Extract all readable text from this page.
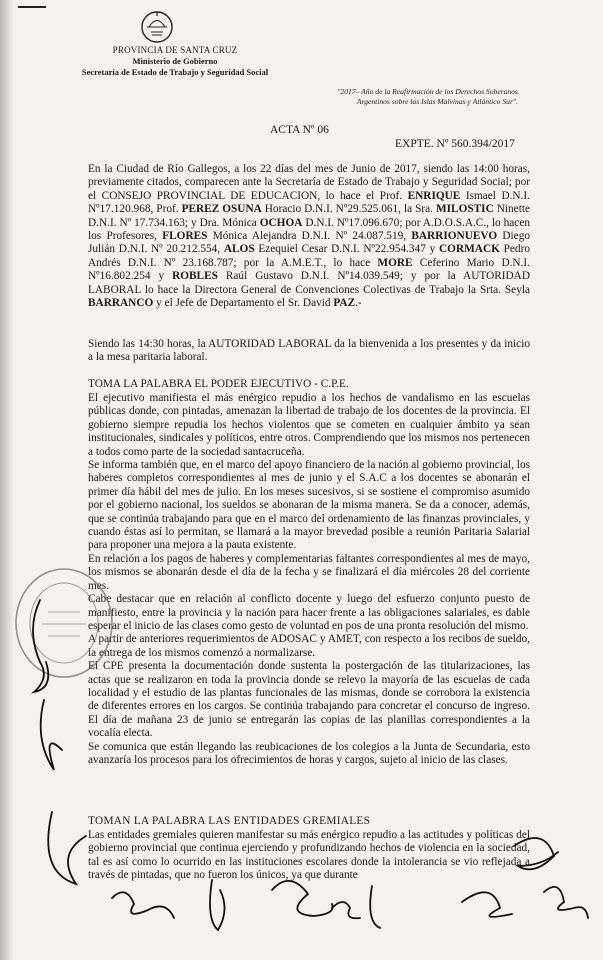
PROVINCIA DE SANTA CRUZ
Ministerio de Gobierno
Secretaría de Estado de Trabajo y Seguridad Social
"2017– Año de la Reafirmación de los Derechos Soberanos
Argentinos sobre las Islas Malvinas y Atlántico Sur".
ACTA Nº 06
EXPTE. Nº 560.394/2017

En la Ciudad de Río Gallegos, a los 22 días del mes de Junio de 2017, siendo las 14:00 horas, previamente citados, comparecen ante la Secretaría de Estado de Trabajo y Seguridad Social; por el CONSEJO PROVINCIAL DE EDUCACION, lo hace el Prof. ENRIQUE Ismael D.N.I. Nº17.120.968, Prof. PEREZ OSUNA Horacio D.N.I. Nº29.525.061, la Sra. MILOSTIC Ninette D.N.I. Nº 17.734.163; y Dra. Mónica OCHOA D.N.I. Nº17.096.670; por A.D.O.S.A.C., lo hacen los Profesores, FLORES Mónica Alejandra D.N.I. Nº 24.087.519, BARRIONUEVO Diego Julián D.N.I. Nº 20.212.554, ALOS Ezequiel Cesar D.N.I. Nº22.954.347 y CORMACK Pedro Andrés D.N.I. Nº 23.168.787; por la A.M.E.T., lo hace MORE Ceferino Mario D.N.I. Nº16.802.254 y ROBLES Raúl Gustavo D.N.I. Nº14.039.549; y por la AUTORIDAD LABORAL lo hace la Directora General de Convenciones Colectivas de Trabajo la Srta. Seyla BARRANCO y el Jefe de Departamento el Sr. David PAZ.-

Siendo las 14:30 horas, la AUTORIDAD LABORAL da la bienvenida a los presentes y da inicio a la mesa paritaria laboral.

TOMA LA PALABRA EL PODER EJECUTIVO - C.P.E.

El ejecutivo manifiesta el más enérgico repudio a los hechos de vandalismo en las escuelas públicas donde, con pintadas, amenazan la libertad de trabajo de los docentes de la provincia. El gobierno siempre repudia los hechos violentos que se cometen en cualquier ámbito ya sean institucionales, sindicales y políticos, entre otros. Comprendiendo que los mismos nos pertenecen a todos como parte de la sociedad santacruceña.

Se informa también que, en el marco del apoyo financiero de la nación al gobierno provincial, los haberes completos correspondientes al mes de junio y el S.A.C a los docentes se abonarán el primer día hábil del mes de julio. En los meses sucesivos, si se sostiene el compromiso asumido por el gobierno nacional, los sueldos se abonaran de la misma manera. Se da a conocer, además, que se continúa trabajando para que en el marco del ordenamiento de las finanzas provinciales, y cuando éstas así lo permitan, se llamará a la mayor brevedad posible a reunión Paritaria Salarial para proponer una mejora a la pauta existente.

En relación a los pagos de haberes y complementarias faltantes correspondientes al mes de mayo, los mismos se abonarán desde el día de la fecha y se finalizará el día miércoles 28 del corriente mes.

Cabe destacar que en relación al conflicto docente y luego del esfuerzo conjunto puesto de manifiesto, entre la provincia y la nación para hacer frente a las obligaciones salariales, es dable esperar el inicio de las clases como gesto de voluntad en pos de una pronta resolución del mismo.

A partir de anteriores requerimientos de ADOSAC y AMET, con respecto a los recibos de sueldo, la entrega de los mismos comenzó a normalizarse.

El CPE presenta la documentación donde sustenta la postergación de las titularizaciones, las actas que se realizaron en toda la provincia donde se relevo la mayoría de las escuelas de cada localidad y el estudio de las plantas funcionales de las mismas, donde se corrobora la existencia de diferentes errores en los cargos. Se continúa trabajando para concretar el concurso de ingreso. El día de mañana 23 de junio se entregarán las copias de las planillas correspondientes a la vocalía electa.

Se comunica que están llegando las reubicaciones de los colegios a la Junta de Secundaria, esto avanzaría los procesos para los ofrecimientos de horas y cargos, sujeto al inicio de las clases.

TOMAN LA PALABRA LAS ENTIDADES GREMIALES

Las entidades gremiales quieren manifestar su más enérgico repudio a las actitudes y políticas del gobierno provincial que continua ejerciendo y profundizando hechos de violencia en la sociedad, tal es así como lo ocurrido en las instituciones escolares donde la intolerancia se vio reflejada a través de pintadas, que no fueron los únicos, ya que durante
